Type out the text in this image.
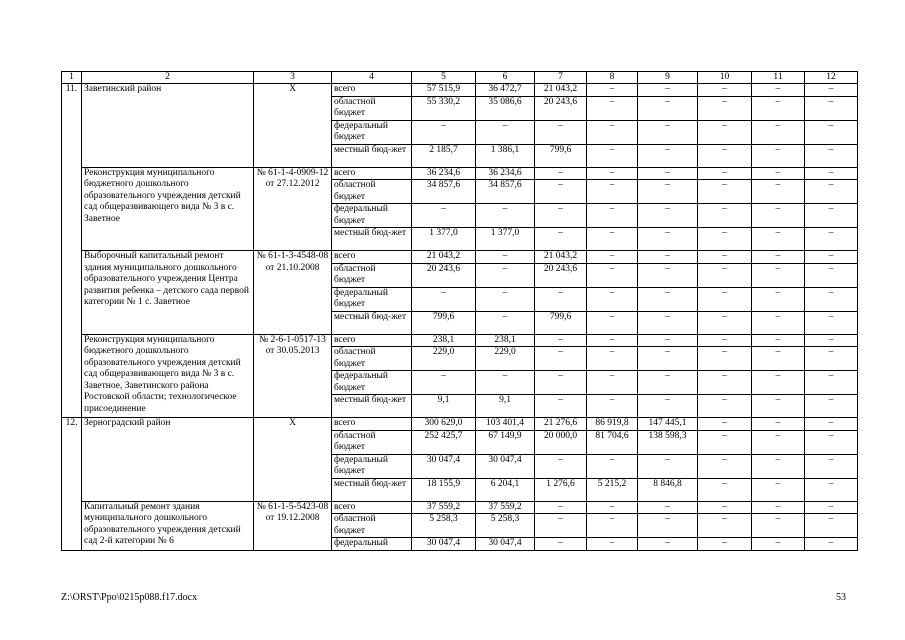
1	2	3	4	5	6	7	8	9	10	11	12
11.	Заветинский район	Х	всего	57 515,9	36 472,7	21 043,2	–	–	–	–	–
			областной бюджет	55 330,2	35 086,6	20 243,6	–	–	–	–	–
			федеральный бюджет	–	–	–	–	–	–	–	–
			местный бюд-жет	2 185,7	1 386,1	799,6	–	–	–	–	–
	Реконструкция муниципального бюджетного дошкольного образовательного учреждения детский сад общеразвивающего вида № 3 в с. Заветное	№ 61-1-4-0909-12 от 27.12.2012	всего	36 234,6	36 234,6	–	–	–	–	–	–
			областной бюджет	34 857,6	34 857,6	–	–	–	–	–	–
			федеральный бюджет	–	–	–	–	–	–	–	–
			местный бюд-жет	1 377,0	1 377,0	–	–	–	–	–	–
	Выборочный капитальный ремонт здания муниципального дошкольного образовательного учреждения Центра развития ребенка – детского сада первой категории № 1 с. Заветное	№ 61-1-3-4548-08 от 21.10.2008	всего	21 043,2	–	21 043,2	–	–	–	–	–
			областной бюджет	20 243,6	–	20 243,6	–	–	–	–	–
			федеральный бюджет	–	–	–	–	–	–	–	–
			местный бюд-жет	799,6	–	799,6	–	–	–	–	–
	Реконструкция муниципального бюджетного дошкольного образовательного учреждения детский сад общеразвивающего вида № 3 в с. Заветное, Заветинского района Ростовской области; технологическое присоединение	№ 2-6-1-0517-13 от 30.05.2013	всего	238,1	238,1	–	–	–	–	–	–
			областной бюджет	229,0	229,0	–	–	–	–	–	–
			федеральный бюджет	–	–	–	–	–	–	–	–
			местный бюд-жет	9,1	9,1	–	–	–	–	–	–
12.	Зерноградский район	Х	всего	300 629,0	103 401,4	21 276,6	86 919,8	147 445,1	–	–	–
			областной бюджет	252 425,7	67 149,9	20 000,0	81 704,6	138 598,3	–	–	–
			федеральный бюджет	30 047,4	30 047,4	–	–	–	–	–	–
			местный бюд-жет	18 155,9	6 204,1	1 276,6	5 215,2	8 846,8	–	–	–
	Капитальный ремонт здания муниципального дошкольного образовательного учреждения детский сад 2-й категории № 6	№ 61-1-5-5423-08 от 19.12.2008	всего	37 559,2	37 559,2	–	–	–	–	–	–
			областной бюджет	5 258,3	5 258,3	–	–	–	–	–	–
			федеральный	30 047,4	30 047,4	–	–	–	–	–	–
Z:\ORST\Ppo\0215p088.f17.docx	53
